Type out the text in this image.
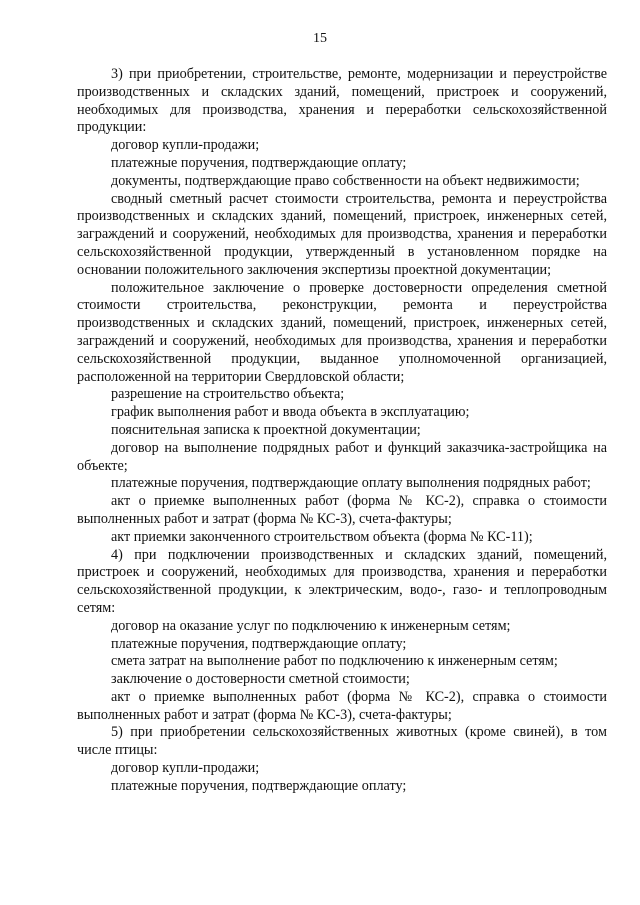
15

3) при приобретении, строительстве, ремонте, модернизации и переустройстве производственных и складских зданий, помещений, пристроек и сооружений, необходимых для производства, хранения и переработки сельскохозяйственной продукции:

договор купли-продажи;

платежные поручения, подтверждающие оплату;

документы, подтверждающие право собственности на объект недвижимости;

сводный сметный расчет стоимости строительства, ремонта и переустройства производственных и складских зданий, помещений, пристроек, инженерных сетей, заграждений и сооружений, необходимых для производства, хранения и переработки сельскохозяйственной продукции, утвержденный в установленном порядке на основании положительного заключения экспертизы проектной документации;

положительное заключение о проверке достоверности определения сметной стоимости строительства, реконструкции, ремонта и переустройства производственных и складских зданий, помещений, пристроек, инженерных сетей, заграждений и сооружений, необходимых для производства, хранения и переработки сельскохозяйственной продукции, выданное уполномоченной организацией, расположенной на территории Свердловской области;

разрешение на строительство объекта;

график выполнения работ и ввода объекта в эксплуатацию;

пояснительная записка к проектной документации;

договор на выполнение подрядных работ и функций заказчика-застройщика на объекте;

платежные поручения, подтверждающие оплату выполнения подрядных работ;

акт о приемке выполненных работ (форма № КС-2), справка о стоимости выполненных работ и затрат (форма № КС-3), счета-фактуры;

акт приемки законченного строительством объекта (форма № КС-11);

4) при подключении производственных и складских зданий, помещений, пристроек и сооружений, необходимых для производства, хранения и переработки сельскохозяйственной продукции, к электрическим, водо-, газо- и теплопроводным сетям:

договор на оказание услуг по подключению к инженерным сетям;

платежные поручения, подтверждающие оплату;

смета затрат на выполнение работ по подключению к инженерным сетям;

заключение о достоверности сметной стоимости;

акт о приемке выполненных работ (форма № КС-2), справка о стоимости выполненных работ и затрат (форма № КС-3), счета-фактуры;

5) при приобретении сельскохозяйственных животных (кроме свиней), в том числе птицы:

договор купли-продажи;

платежные поручения, подтверждающие оплату;
